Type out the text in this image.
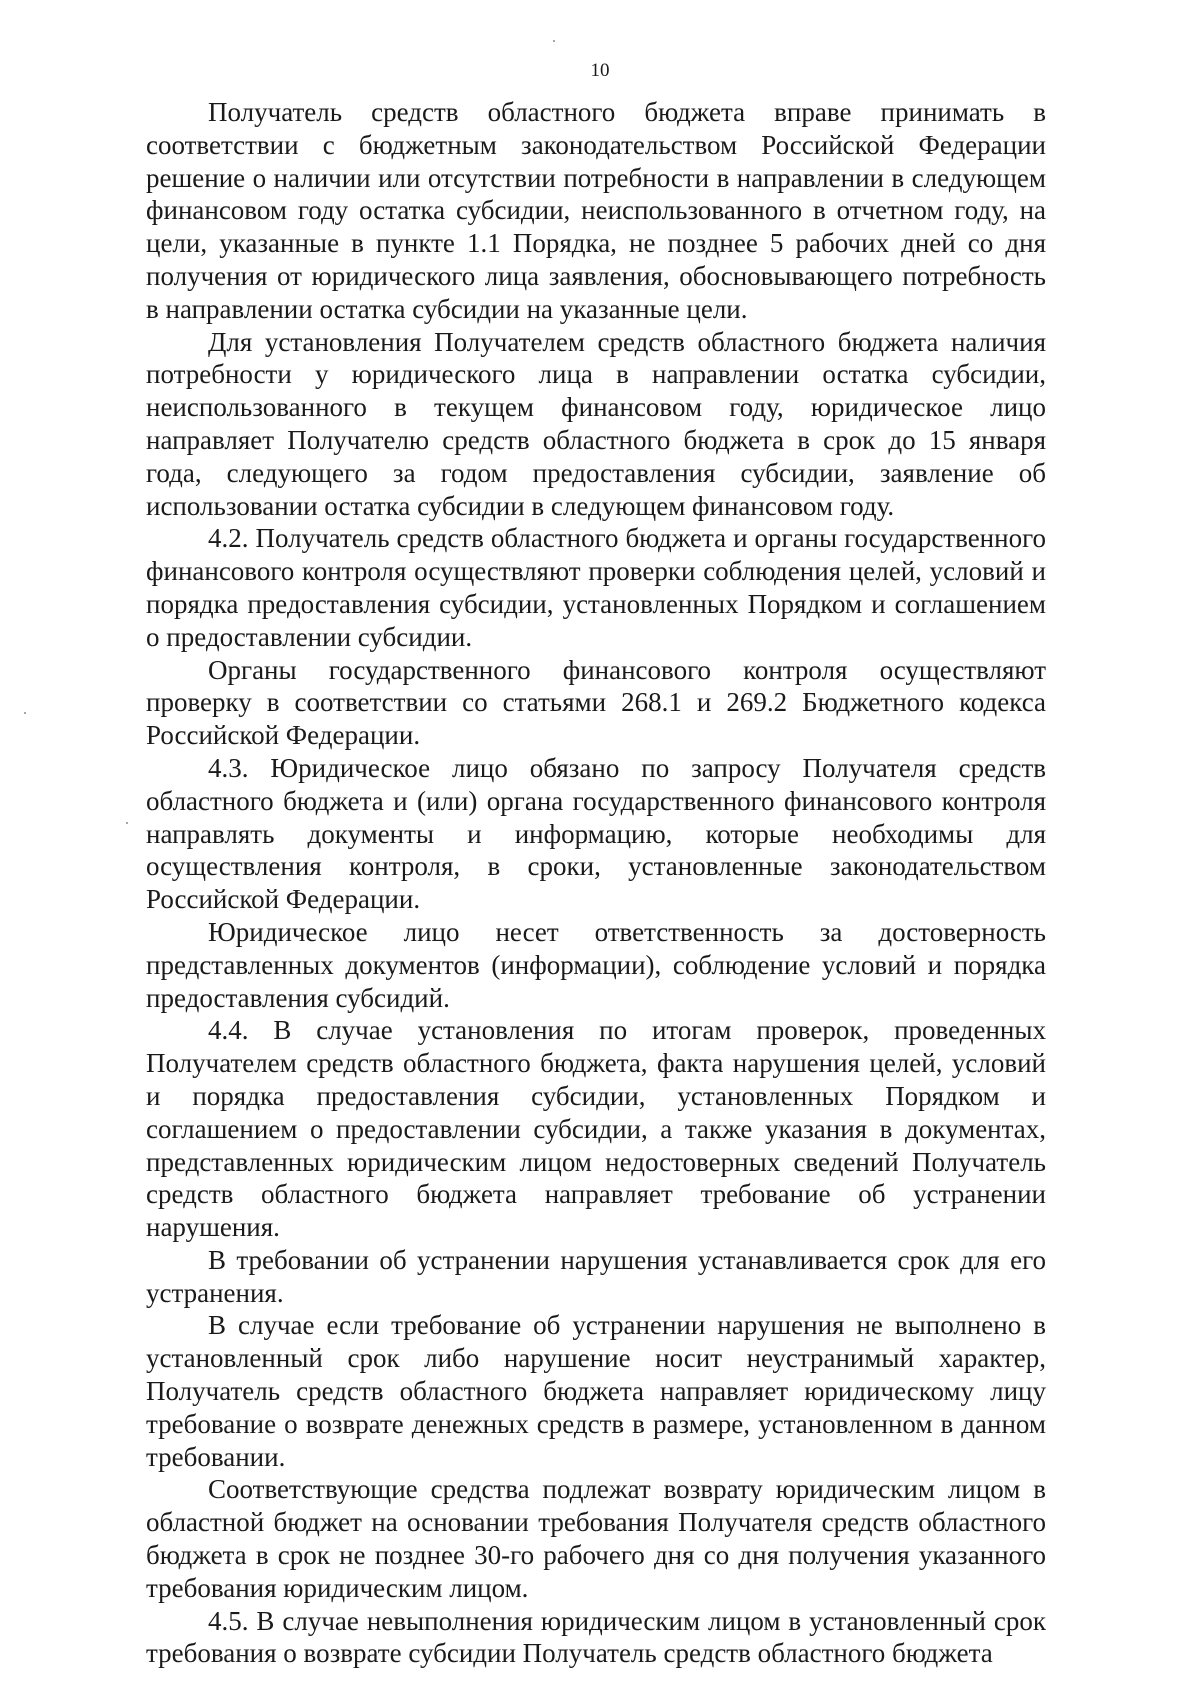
10

Получатель средств областного бюджета вправе принимать в соответствии с бюджетным законодательством Российской Федерации решение о наличии или отсутствии потребности в направлении в следующем финансовом году остатка субсидии, неиспользованного в отчетном году, на цели, указанные в пункте 1.1 Порядка, не позднее 5 рабочих дней со дня получения от юридического лица заявления, обосновывающего потребность в направлении остатка субсидии на указанные цели.

Для установления Получателем средств областного бюджета наличия потребности у юридического лица в направлении остатка субсидии, неиспользованного в текущем финансовом году, юридическое лицо направляет Получателю средств областного бюджета в срок до 15 января года, следующего за годом предоставления субсидии, заявление об использовании остатка субсидии в следующем финансовом году.

4.2. Получатель средств областного бюджета и органы государственного финансового контроля осуществляют проверки соблюдения целей, условий и порядка предоставления субсидии, установленных Порядком и соглашением о предоставлении субсидии.

Органы государственного финансового контроля осуществляют проверку в соответствии со статьями 268.1 и 269.2 Бюджетного кодекса Российской Федерации.

4.3. Юридическое лицо обязано по запросу Получателя средств областного бюджета и (или) органа государственного финансового контроля направлять документы и информацию, которые необходимы для осуществления контроля, в сроки, установленные законодательством Российской Федерации.

Юридическое лицо несет ответственность за достоверность представленных документов (информации), соблюдение условий и порядка предоставления субсидий.

4.4. В случае установления по итогам проверок, проведенных Получателем средств областного бюджета, факта нарушения целей, условий и порядка предоставления субсидии, установленных Порядком и соглашением о предоставлении субсидии, а также указания в документах, представленных юридическим лицом недостоверных сведений Получатель средств областного бюджета направляет требование об устранении нарушения.

В требовании об устранении нарушения устанавливается срок для его устранения.

В случае если требование об устранении нарушения не выполнено в установленный срок либо нарушение носит неустранимый характер, Получатель средств областного бюджета направляет юридическому лицу требование о возврате денежных средств в размере, установленном в данном требовании.

Соответствующие средства подлежат возврату юридическим лицом в областной бюджет на основании требования Получателя средств областного бюджета в срок не позднее 30-го рабочего дня со дня получения указанного требования юридическим лицом.

4.5. В случае невыполнения юридическим лицом в установленный срок требования о возврате субсидии Получатель средств областного бюджета
